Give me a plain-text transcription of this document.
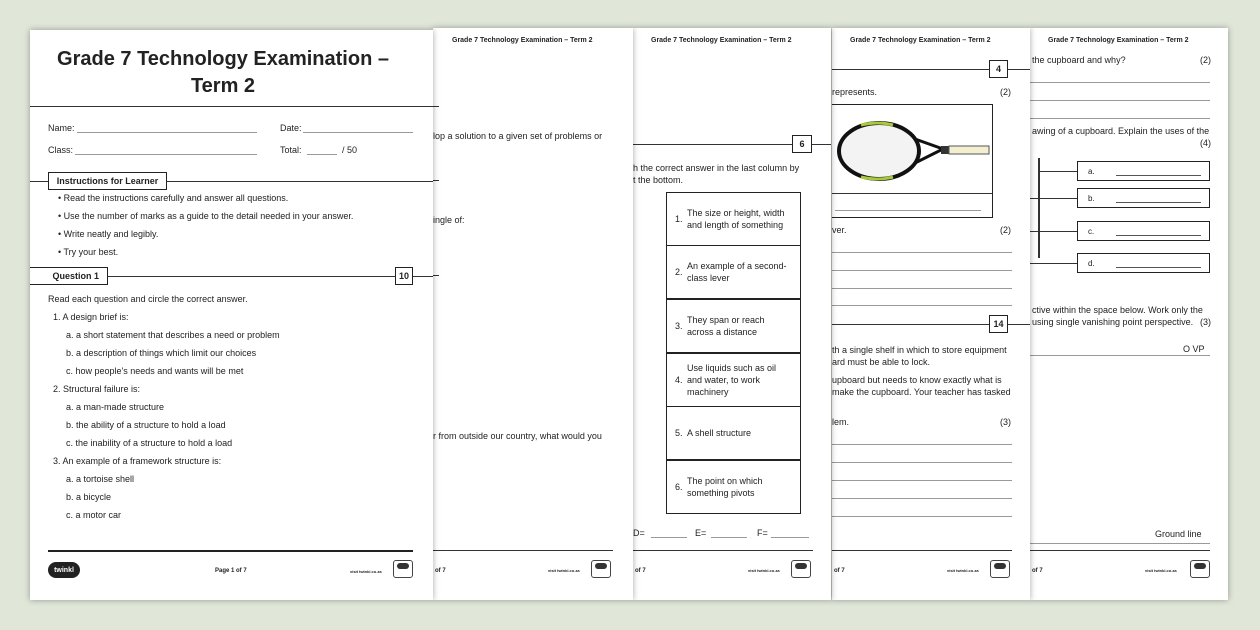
Grade 7 Technology Examination – Term 2
the cupboard and why?	(2)
awing of a cupboard. Explain the uses of the
(4)
a.
b.
c.
d.
ctive within the space below. Work only the
using single vanishing point perspective. (3)
O VP
Ground line
of 7	visit twinkl.co.za
Grade 7 Technology Examination – Term 2
4
represents.	(2)
ver.	(2)
14
th a single shelf in which to store equipment
ard must be able to lock.
upboard but needs to know exactly what is
make the cupboard. Your teacher has tasked
lem.	(3)
of 7	visit twinkl.co.za
Grade 7 Technology Examination – Term 2
6
h the correct answer in the last column by
t the bottom.
1.
The size or height, width and length of something
2.
An example of a second-class lever
3.
They span or reach across a distance
4.
Use liquids such as oil and water, to work machinery
5. A shell structure
6.
The point on which something pivots
D=	E=	F=
of 7	visit twinkl.co.za
Grade 7 Technology Examination – Term 2
lop a solution to a given set of problems or
ingle of:
r from outside our country, what would you
of 7	visit twinkl.co.za
Grade 7 Technology Examination –
Term 2
Name:	Date:
Class:	Total:	/ 50
Instructions for Learner
• Read the instructions carefully and answer all questions.
• Use the number of marks as a guide to the detail needed in your answer.
• Write neatly and legibly.
• Try your best.
Question 1	10
Read each question and circle the correct answer.
1. A design brief is:
a. a short statement that describes a need or problem
b. a description of things which limit our choices
c. how people's needs and wants will be met
2. Structural failure is:
a. a man-made structure
b. the ability of a structure to hold a load
c. the inability of a structure to hold a load
3. An example of a framework structure is:
a. a tortoise shell
b. a bicycle
c. a motor car
twinkl	Page 1 of 7	visit twinkl.co.za
